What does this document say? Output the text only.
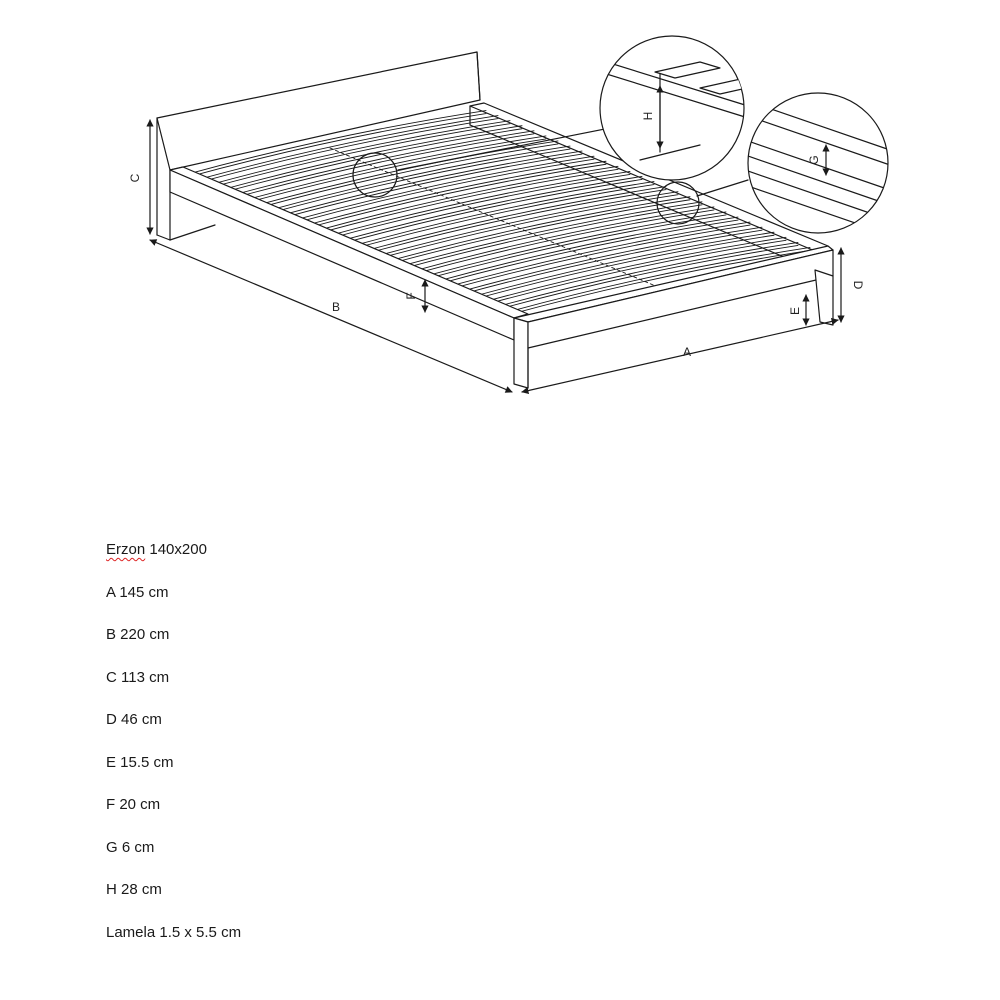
C
B
A
D
E
F
H
G
Erzon 140x200
A 145 cm
B 220 cm
C 113 cm
D 46 cm
E 15.5 cm
F 20 cm
G 6 cm
H 28 cm
Lamela 1.5 x 5.5 cm
